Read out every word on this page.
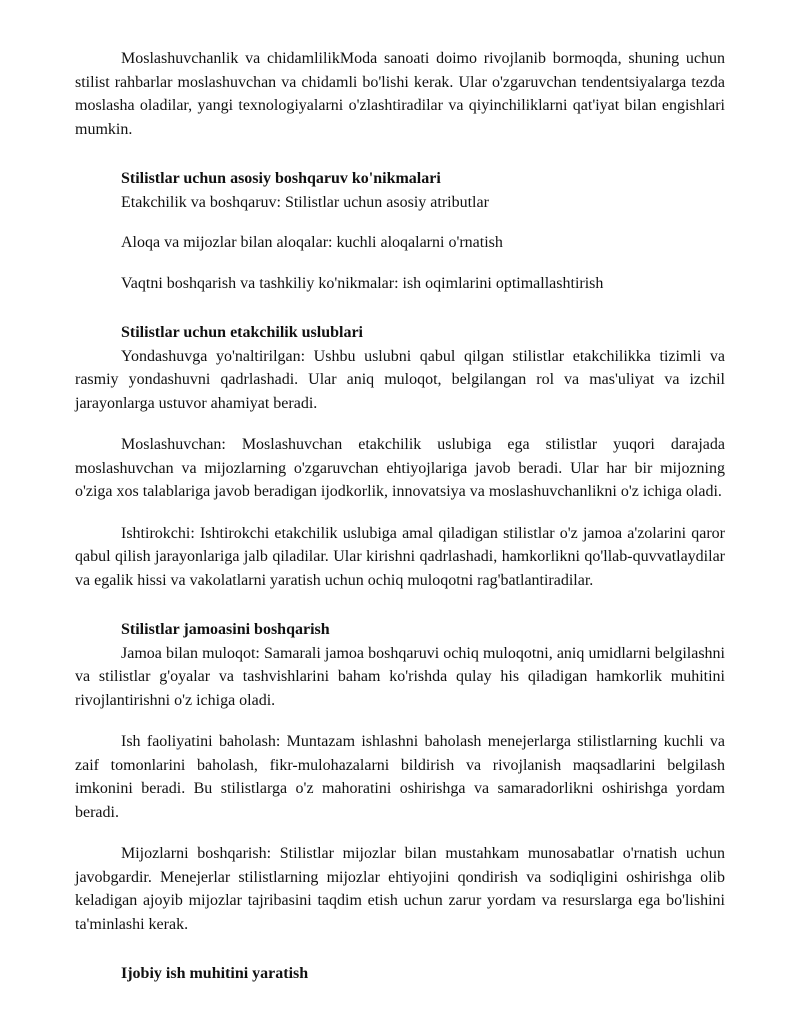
Moslashuvchanlik va chidamlilikModa sanoati doimo rivojlanib bormoqda, shuning uchun stilist rahbarlar moslashuvchan va chidamli bo'lishi kerak. Ular o'zgaruvchan tendentsiyalarga tezda moslasha oladilar, yangi texnologiyalarni o'zlashtiradilar va qiyinchiliklarni qat'iyat bilan engishlari mumkin.

Stilistlar uchun asosiy boshqaruv ko'nikmalari

Etakchilik va boshqaruv: Stilistlar uchun asosiy atributlar

Aloqa va mijozlar bilan aloqalar: kuchli aloqalarni o'rnatish

Vaqtni boshqarish va tashkiliy ko'nikmalar: ish oqimlarini optimallashtirish

Stilistlar uchun etakchilik uslublari

Yondashuvga yo'naltirilgan: Ushbu uslubni qabul qilgan stilistlar etakchilikka tizimli va rasmiy yondashuvni qadrlashadi. Ular aniq muloqot, belgilangan rol va mas'uliyat va izchil jarayonlarga ustuvor ahamiyat beradi.

Moslashuvchan: Moslashuvchan etakchilik uslubiga ega stilistlar yuqori darajada moslashuvchan va mijozlarning o'zgaruvchan ehtiyojlariga javob beradi. Ular har bir mijozning o'ziga xos talablariga javob beradigan ijodkorlik, innovatsiya va moslashuvchanlikni o'z ichiga oladi.

Ishtirokchi: Ishtirokchi etakchilik uslubiga amal qiladigan stilistlar o'z jamoa a'zolarini qaror qabul qilish jarayonlariga jalb qiladilar. Ular kirishni qadrlashadi, hamkorlikni qo'llab-quvvatlaydilar va egalik hissi va vakolatlarni yaratish uchun ochiq muloqotni rag'batlantiradilar.

Stilistlar jamoasini boshqarish

Jamoa bilan muloqot: Samarali jamoa boshqaruvi ochiq muloqotni, aniq umidlarni belgilashni va stilistlar g'oyalar va tashvishlarini baham ko'rishda qulay his qiladigan hamkorlik muhitini rivojlantirishni o'z ichiga oladi.

Ish faoliyatini baholash: Muntazam ishlashni baholash menejerlarga stilistlarning kuchli va zaif tomonlarini baholash, fikr-mulohazalarni bildirish va rivojlanish maqsadlarini belgilash imkonini beradi. Bu stilistlarga o'z mahoratini oshirishga va samaradorlikni oshirishga yordam beradi.

Mijozlarni boshqarish: Stilistlar mijozlar bilan mustahkam munosabatlar o'rnatish uchun javobgardir. Menejerlar stilistlarning mijozlar ehtiyojini qondirish va sodiqligini oshirishga olib keladigan ajoyib mijozlar tajribasini taqdim etish uchun zarur yordam va resurslarga ega bo'lishini ta'minlashi kerak.

Ijobiy ish muhitini yaratish
